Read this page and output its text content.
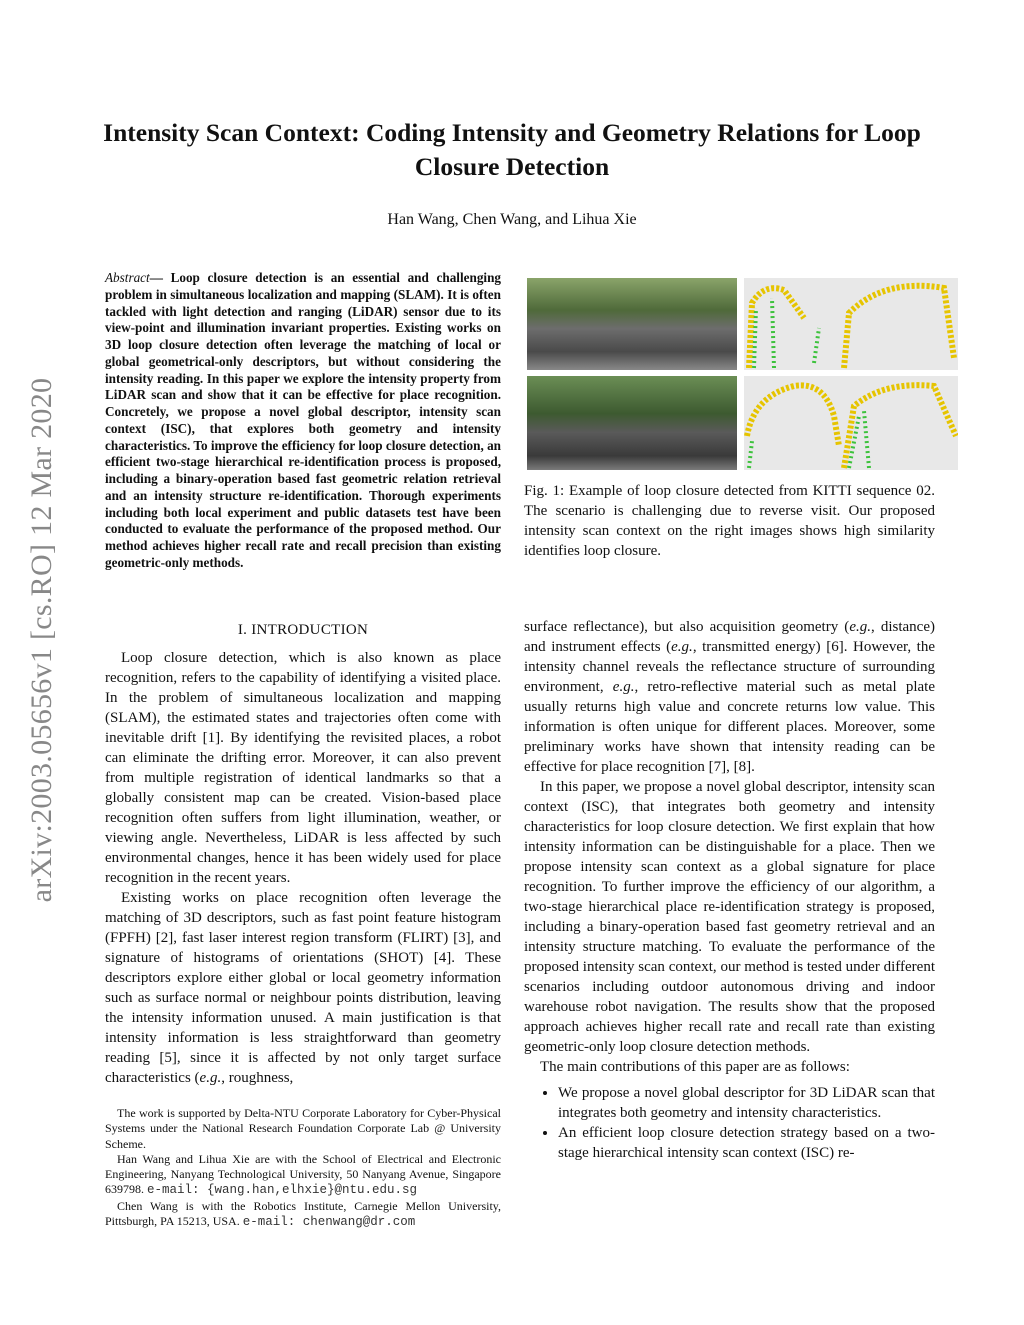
arXiv:2003.05656v1 [cs.RO] 12 Mar 2020
Intensity Scan Context: Coding Intensity and Geometry Relations for Loop Closure Detection
Han Wang, Chen Wang, and Lihua Xie
Abstract— Loop closure detection is an essential and challenging problem in simultaneous localization and mapping (SLAM). It is often tackled with light detection and ranging (LiDAR) sensor due to its view-point and illumination invariant properties. Existing works on 3D loop closure detection often leverage the matching of local or global geometrical-only descriptors, but without considering the intensity reading. In this paper we explore the intensity property from LiDAR scan and show that it can be effective for place recognition. Concretely, we propose a novel global descriptor, intensity scan context (ISC), that explores both geometry and intensity characteristics. To improve the efficiency for loop closure detection, an efficient two-stage hierarchical re-identification process is proposed, including a binary-operation based fast geometric relation retrieval and an intensity structure re-identification. Thorough experiments including both local experiment and public datasets test have been conducted to evaluate the performance of the proposed method. Our method achieves higher recall rate and recall precision than existing geometric-only methods.
Fig. 1: Example of loop closure detected from KITTI sequence 02. The scenario is challenging due to reverse visit. Our proposed intensity scan context on the right images shows high similarity identifies loop closure.
I. INTRODUCTION

Loop closure detection, which is also known as place recognition, refers to the capability of identifying a visited place. In the problem of simultaneous localization and mapping (SLAM), the estimated states and trajectories often come with inevitable drift [1]. By identifying the revisited places, a robot can eliminate the drifting error. Moreover, it can also prevent from multiple registration of identical landmarks so that a globally consistent map can be created. Vision-based place recognition often suffers from light illumination, weather, or viewing angle. Nevertheless, LiDAR is less affected by such environmental changes, hence it has been widely used for place recognition in the recent years.

Existing works on place recognition often leverage the matching of 3D descriptors, such as fast point feature histogram (FPFH) [2], fast laser interest region transform (FLIRT) [3], and signature of histograms of orientations (SHOT) [4]. These descriptors explore either global or local geometry information such as surface normal or neighbour points distribution, leaving the intensity information unused. A main justification is that intensity information is less straightforward than geometry reading [5], since it is affected by not only target surface characteristics (e.g., roughness,

surface reflectance), but also acquisition geometry (e.g., distance) and instrument effects (e.g., transmitted energy) [6]. However, the intensity channel reveals the reflectance structure of surrounding environment, e.g., retro-reflective material such as metal plate usually returns high value and concrete returns low value. This information is often unique for different places. Moreover, some preliminary works have shown that intensity reading can be effective for place recognition [7], [8].

In this paper, we propose a novel global descriptor, intensity scan context (ISC), that integrates both geometry and intensity characteristics for loop closure detection. We first explain that how intensity information can be distinguishable for a place. Then we propose intensity scan context as a global signature for place recognition. To further improve the efficiency of our algorithm, a two-stage hierarchical place re-identification strategy is proposed, including a binary-operation based fast geometry retrieval and an intensity structure matching. To evaluate the performance of the proposed intensity scan context, our method is tested under different scenarios including outdoor autonomous driving and indoor warehouse robot navigation. The results show that the proposed approach achieves higher recall rate and recall rate than existing geometric-only loop closure detection methods.

The main contributions of this paper are as follows:

• We propose a novel global descriptor for 3D LiDAR scan that integrates both geometry and intensity characteristics.
• An efficient loop closure detection strategy based on a two-stage hierarchical intensity scan context (ISC) re-

The work is supported by Delta-NTU Corporate Laboratory for Cyber-Physical Systems under the National Research Foundation Corporate Lab @ University Scheme.

Han Wang and Lihua Xie are with the School of Electrical and Electronic Engineering, Nanyang Technological University, 50 Nanyang Avenue, Singapore 639798. e-mail: {wang.han,elhxie}@ntu.edu.sg

Chen Wang is with the Robotics Institute, Carnegie Mellon University, Pittsburgh, PA 15213, USA. e-mail: chenwang@dr.com
